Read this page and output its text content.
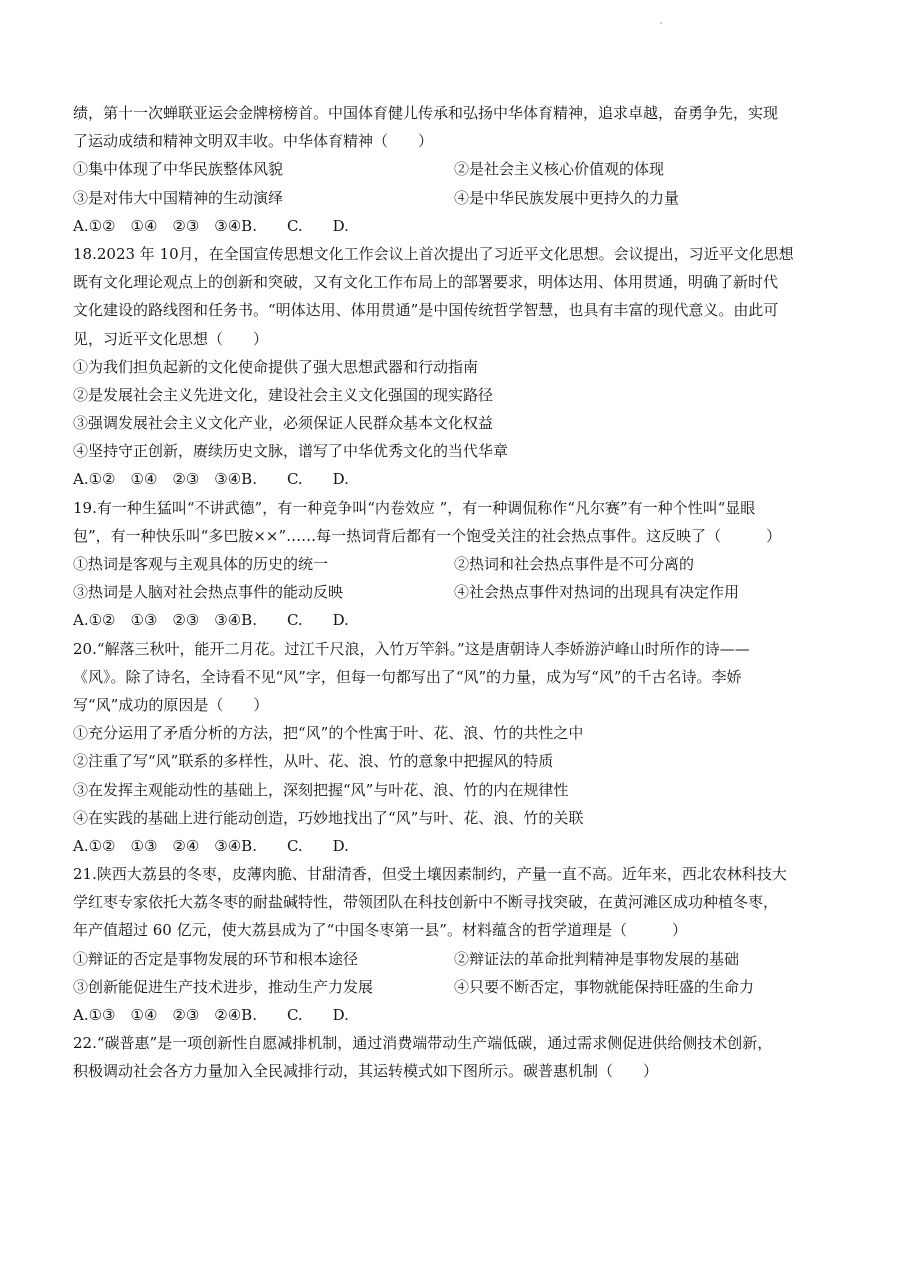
绩，第十一次蝉联亚运会金牌榜榜首。中国体育健儿传承和弘扬中华体育精神，追求卓越，奋勇争先，实现
了运动成绩和精神文明双丰收。中华体育精神（　　）
①集中体现了中华民族整体风貌	②是社会主义核心价值观的体现
③是对伟大中国精神的生动演绎	④是中华民族发展中更持久的力量
A.①②　①④　②③　③④B.　　C.　　D.
18.2023 年 10月，在全国宣传思想文化工作会议上首次提出了习近平文化思想。会议提出，习近平文化思想
既有文化理论观点上的创新和突破，又有文化工作布局上的部署要求，明体达用、体用贯通，明确了新时代
文化建设的路线图和任务书。“明体达用、体用贯通”是中国传统哲学智慧，也具有丰富的现代意义。由此可
见，习近平文化思想（　　）
①为我们担负起新的文化使命提供了强大思想武器和行动指南
②是发展社会主义先进文化，建设社会主义文化强国的现实路径
③强调发展社会主义文化产业，必须保证人民群众基本文化权益
④坚持守正创新，赓续历史文脉，谱写了中华优秀文化的当代华章
A.①②　①④　②③　③④B.　　C.　　D.
19.有一种生猛叫“不讲武德”，有一种竞争叫“内卷效应 ”，有一种调侃称作“凡尔赛”有一种个性叫“显眼
包”，有一种快乐叫“多巴胺××”……每一热词背后都有一个饱受关注的社会热点事件。这反映了（　　　）
①热词是客观与主观具体的历史的统一	②热词和社会热点事件是不可分离的
③热词是人脑对社会热点事件的能动反映	④社会热点事件对热词的出现具有决定作用
A.①②　①③　②③　③④B.　　C.　　D.
20.“解落三秋叶，能开二月花。过江千尺浪，入竹万竿斜。”这是唐朝诗人李娇游泸峰山时所作的诗——
《风》。除了诗名，全诗看不见“风”字，但每一句都写出了“风”的力量，成为写“风”的千古名诗。李娇
写“风”成功的原因是（　　）
①充分运用了矛盾分析的方法，把“风”的个性寓于叶、花、浪、竹的共性之中
②注重了写“风”联系的多样性，从叶、花、浪、竹的意象中把握风的特质
③在发挥主观能动性的基础上，深刻把握“风”与叶花、浪、竹的内在规律性
④在实践的基础上进行能动创造，巧妙地找出了“风”与叶、花、浪、竹的关联
A.①②　①③　②④　③④B.　　C.　　D.
21.陕西大荔县的冬枣，皮薄肉脆、甘甜清香，但受土壤因素制约，产量一直不高。近年来，西北农林科技大
学红枣专家依托大荔冬枣的耐盐碱特性，带领团队在科技创新中不断寻找突破，在黄河滩区成功种植冬枣，
年产值超过 60 亿元，使大荔县成为了“中国冬枣第一县”。材料蕴含的哲学道理是（　　　）
①辩证的否定是事物发展的环节和根本途径	②辩证法的革命批判精神是事物发展的基础
③创新能促进生产技术进步，推动生产力发展	④只要不断否定，事物就能保持旺盛的生命力
A.①③　①④　②③　②④B.　　C.　　D.
22.“碳普惠”是一项创新性自愿减排机制，通过消费端带动生产端低碳，通过需求侧促进供给侧技术创新，
积极调动社会各方力量加入全民减排行动，其运转模式如下图所示。碳普惠机制（　　）
